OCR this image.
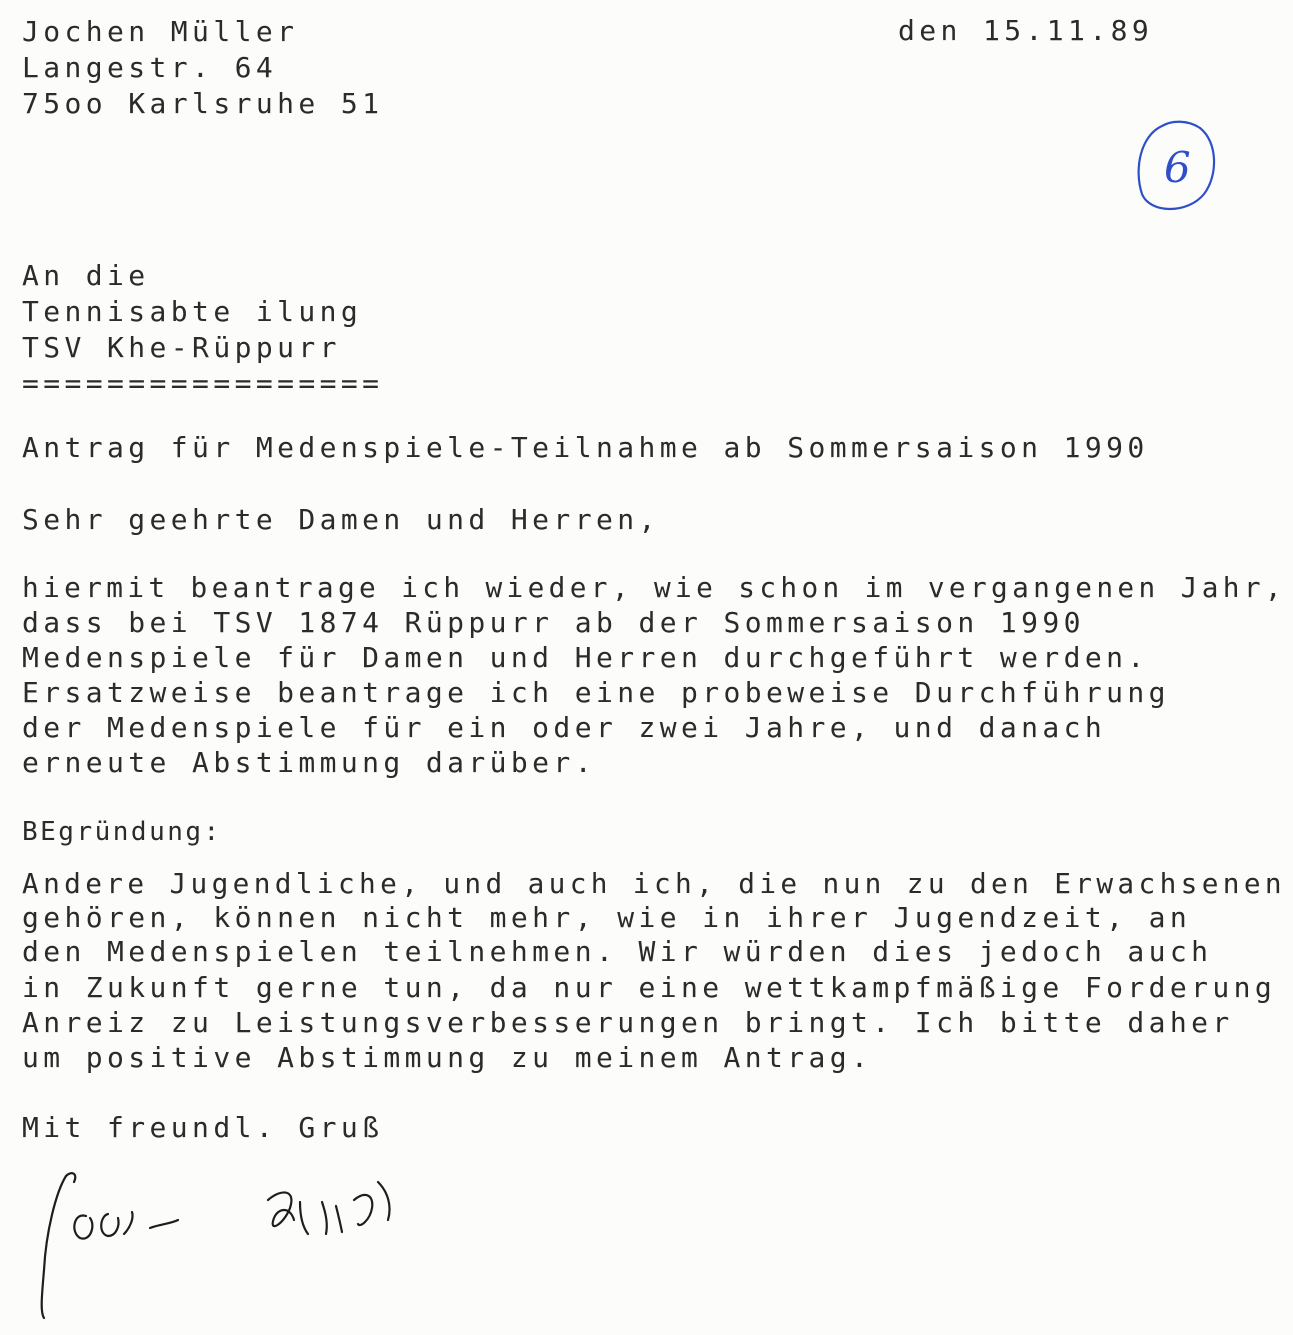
Jochen Müller

Langestr. 64

75oo Karlsruhe 51

den 15.11.89
6

An die

Tennisabte ilung

TSV Khe-Rüppurr

=================

Antrag für Medenspiele-Teilnahme ab Sommersaison 1990

Sehr geehrte Damen und Herren,

hiermit beantrage ich wieder, wie schon im vergangenen Jahr,

dass bei TSV 1874 Rüppurr ab der Sommersaison 1990

Medenspiele für Damen und Herren durchgeführt werden.

Ersatzweise beantrage ich eine probeweise Durchführung

der Medenspiele für ein oder zwei Jahre, und danach

erneute Abstimmung darüber.

BEgründung:

Andere Jugendliche, und auch ich, die nun zu den Erwachsenen

gehören, können nicht mehr, wie in ihrer Jugendzeit, an

den Medenspielen teilnehmen. Wir würden dies jedoch auch

in Zukunft gerne tun, da nur eine wettkampfmäßige Forderung

Anreiz zu Leistungsverbesserungen bringt. Ich bitte daher

um positive Abstimmung zu meinem Antrag.

Mit freundl. Gruß
